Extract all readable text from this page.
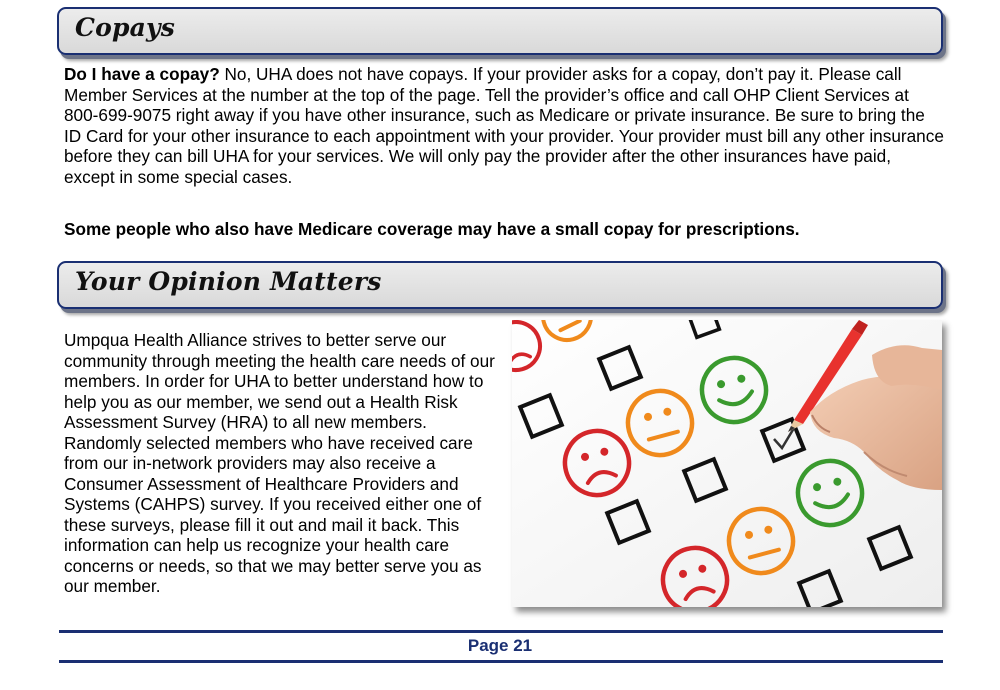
Copays

Do I have a copay? No, UHA does not have copays. If your provider asks for a copay, don’t pay it. Please call Member Services at the number at the top of the page. Tell the provider’s office and call OHP Client Services at 800-699-9075 right away if you have other insurance, such as Medicare or private insurance. Be sure to bring the ID Card for your other insurance to each appointment with your provider. Your provider must bill any other insurance before they can bill UHA for your services. We will only pay the provider after the other insurances have paid, except in some special cases.

Some people who also have Medicare coverage may have a small copay for prescriptions.

Your Opinion Matters

Umpqua Health Alliance strives to better serve our community through meeting the health care needs of our members. In order for UHA to better understand how to help you as our member, we send out a Health Risk Assessment Survey (HRA) to all new members. Randomly selected members who have received care from our in-network providers may also receive a Consumer Assessment of Healthcare Providers and Systems (CAHPS) survey. If you received either one of these surveys, please fill it out and mail it back. This information can help us recognize your health care concerns or needs, so that we may better serve you as our member.

Page 21
